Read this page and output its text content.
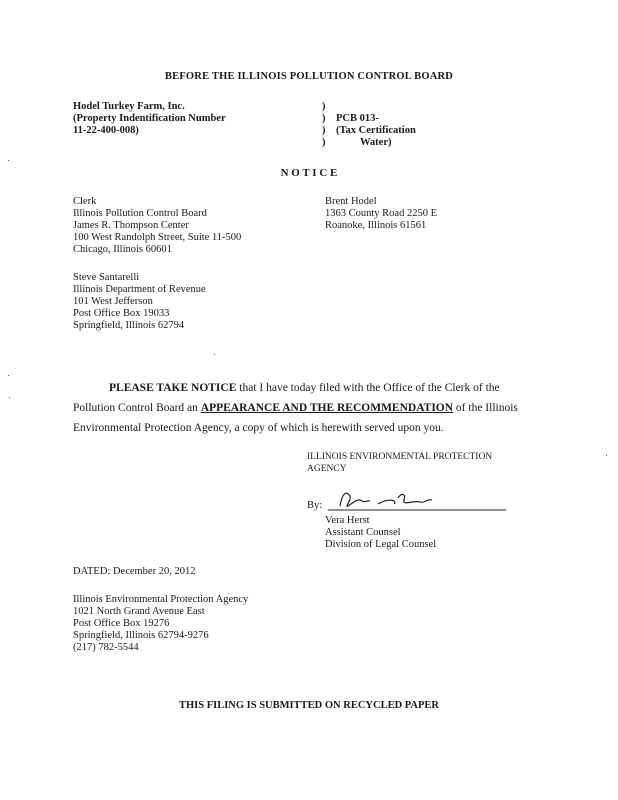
BEFORE THE ILLINOIS POLLUTION CONTROL BOARD
Hodel Turkey Farm, Inc.
(Property Indentification Number
11-22-400-008)
)
)
)
)
PCB 013-
(Tax Certification
Water)
N O T I C E
Clerk
Illinois Pollution Control Board
James R. Thompson Center
100 West Randolph Street, Suite 11-500
Chicago, Illinois 60601
Brent Hodel
1363 County Road 2250 E
Roanoke, Illinois 61561
Steve Santarelli
Illinois Department of Revenue
101 West Jefferson
Post Office Box 19033
Springfield, Illinois 62794
PLEASE TAKE NOTICE that I have today filed with the Office of the Clerk of the
Pollution Control Board an APPEARANCE AND THE RECOMMENDATION of the Illinois
Environmental Protection Agency, a copy of which is herewith served upon you.
ILLINOIS ENVIRONMENTAL PROTECTION
AGENCY
By:
Vera Herst
Assistant Counsel
Division of Legal Counsel
DATED: December 20, 2012
Illinois Environmental Protection Agency
1021 North Grand Avenue East
Post Office Box 19276
Springfield, Illinois 62794-9276
(217) 782-5544
THIS FILING IS SUBMITTED ON RECYCLED PAPER
